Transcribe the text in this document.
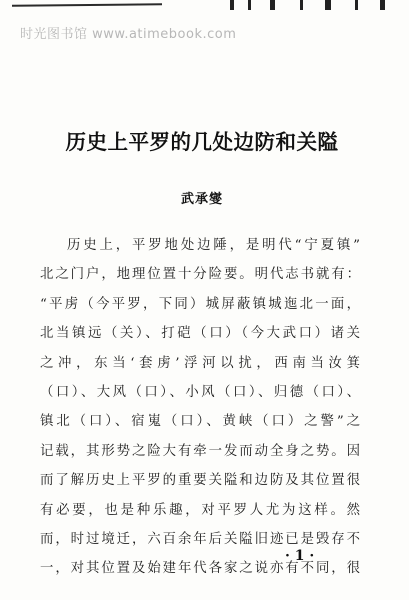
时光图书馆 www.atimebook.com
历史上平罗的几处边防和关隘
武承燮
历史上，平罗地处边陲，是明代“宁夏镇”
北之门户，地理位置十分险要。明代志书就有：
“平虏（今平罗，下同）城屏蔽镇城迤北一面，
北当镇远（关）、打硙（口）（今大武口）诸关
之冲，东当‘套虏’浮河以扰，西南当汝箕
（口）、大风（口）、小风（口）、归德（口）、
镇北（口）、宿嵬（口）、黄峡（口）之警”之
记载，其形势之险大有牵一发而动全身之势。因
而了解历史上平罗的重要关隘和边防及其位置很
有必要，也是种乐趣，对平罗人尤为这样。然
而，时过境迁，六百余年后关隘旧迹已是毁存不
一，对其位置及始建年代各家之说亦有不同，很
· 1 ·
